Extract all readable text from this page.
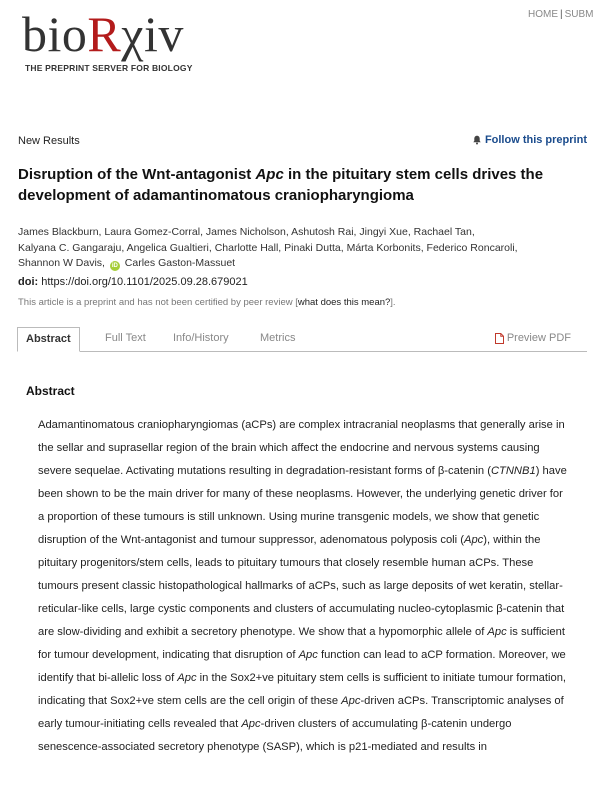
bioRχiv
THE PREPRINT SERVER FOR BIOLOGY
HOME | SUBM
New Results	Follow this preprint
Disruption of the Wnt-antagonist Apc in the pituitary stem cells drives the development of adamantinomatous craniopharyngioma
James Blackburn, Laura Gomez-Corral, James Nicholson, Ashutosh Rai, Jingyi Xue, Rachael Tan,
Kalyana C. Gangaraju, Angelica Gualtieri, Charlotte Hall, Pinaki Dutta, Márta Korbonits, Federico Roncaroli,
Shannon W Davis, iD Carles Gaston-Massuet
doi: https://doi.org/10.1101/2025.09.28.679021
This article is a preprint and has not been certified by peer review [what does this mean?].
Abstract	Full Text Info/History	Metrics	Preview PDF
Abstract

Adamantinomatous craniopharyngiomas (aCPs) are complex intracranial neoplasms that generally arise in the sellar and suprasellar region of the brain which affect the endocrine and nervous systems causing severe sequelae. Activating mutations resulting in degradation-resistant forms of β-catenin (CTNNB1) have been shown to be the main driver for many of these neoplasms. However, the underlying genetic driver for a proportion of these tumours is still unknown. Using murine transgenic models, we show that genetic disruption of the Wnt-antagonist and tumour suppressor, adenomatous polyposis coli (Apc), within the pituitary progenitors/stem cells, leads to pituitary tumours that closely resemble human aCPs. These tumours present classic histopathological hallmarks of aCPs, such as large deposits of wet keratin, stellar-reticular-like cells, large cystic components and clusters of accumulating nucleo-cytoplasmic β-catenin that are slow-dividing and exhibit a secretory phenotype. We show that a hypomorphic allele of Apc is sufficient for tumour development, indicating that disruption of Apc function can lead to aCP formation. Moreover, we identify that bi-allelic loss of Apc in the Sox2+ve pituitary stem cells is sufficient to initiate tumour formation, indicating that Sox2+ve stem cells are the cell origin of these Apc-driven aCPs. Transcriptomic analyses of early tumour-initiating cells revealed that Apc-driven clusters of accumulating β-catenin undergo senescence-associated secretory phenotype (SASP), which is p21-mediated and results in
